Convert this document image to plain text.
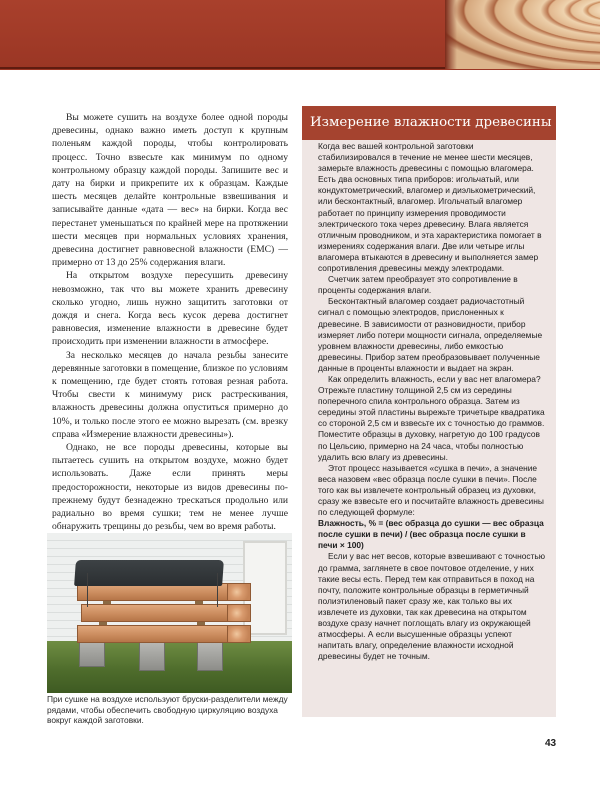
Вы можете сушить на воздухе более одной породы древесины, однако важно иметь доступ к крупным поленьям каждой породы, чтобы контролировать процесс. Точно взвесьте как минимум по одному контрольному образцу каждой породы. Запишите вес и дату на бирки и прикрепите их к образцам. Каждые шесть месяцев делайте контрольные взвешивания и записывайте данные «дата — вес» на бирки. Когда вес перестанет уменьшаться по крайней мере на протяжении шести месяцев при нормальных условиях хранения, древесина достигнет равновесной влажности (EMC) — примерно от 13 до 25% содержания влаги.

На открытом воздухе пересушить древесину невозможно, так что вы можете хранить древесину сколько угодно, лишь нужно защитить заготовки от дождя и снега. Когда весь кусок дерева достигнет равновесия, изменение влажности в древесине будет происходить при изменении влажности в атмосфере.

За несколько месяцев до начала резьбы занесите деревянные заготовки в помещение, близкое по условиям к помещению, где будет стоять готовая резная работа. Чтобы свести к минимуму риск растрескивания, влажность древесины должна опуститься примерно до 10%, и только после этого ее можно вырезать (см. врезку справа «Измерение влажности древесины»).

Однако, не все породы древесины, которые вы пытаетесь сушить на открытом воздухе, можно будет использовать. Даже если принять меры предосторожности, некоторые из видов древесины по-прежнему будут безнадежно трескаться продольно или радиально во время сушки; тем не менее лучше обнаружить трещины до резьбы, чем во время работы.

При сушке на воздухе используют бруски-разделители между рядами, чтобы обеспечить свободную циркуляцию воздуха вокруг каждой заготовки.
Измерение влажности древесины

Когда вес вашей контрольной заготовки стабилизировался в течение не менее шести месяцев, замерьте влажность древесины с помощью влагомера. Есть два основных типа приборов: игольчатый, или кондуктометрический, влагомер и диэлькометрический, или бесконтактный, влагомер. Игольчатый влагомер работает по принципу измерения проводимости электрического тока через древесину. Влага является отличным проводником, и эта характеристика помогает в измерениях содержания влаги. Две или четыре иглы влагомера втыкаются в древесину и выполняется замер сопротивления древесины между электродами.

Счетчик затем преобразует это сопротивление в проценты содержания влаги.

Бесконтактный влагомер создает радиочастотный сигнал с помощью электродов, прислоненных к древесине. В зависимости от разновидности, прибор измеряет либо потери мощности сигнала, определяемые уровнем влажности древесины, либо емкостью древесины. Прибор затем преобразовывает полученные данные в проценты влажности и выдает на экран.

Как определить влажность, если у вас нет влагомера? Отрежьте пластину толщиной 2,5 см из середины поперечного спила контрольного образца. Затем из середины этой пластины вырежьте тричетыре квадратика со стороной 2,5 см и взвесьте их с точностью до граммов. Поместите образцы в духовку, нагретую до 100 градусов по Цельсию, примерно на 24 часа, чтобы полностью удалить всю влагу из древесины.

Этот процесс называется «сушка в печи», а значение веса назовем «вес образца после сушки в печи». После того как вы извлечете контрольный образец из духовки, сразу же взвесьте его и посчитайте влажность древесины по следующей формуле:

Влажность, % = (вес образца до сушки — вес образца после сушки в печи) / (вес образца после сушки в печи × 100)

Если у вас нет весов, которые взвешивают с точностью до грамма, заглянете в свое почтовое отделение, у них такие весы есть. Перед тем как отправиться в поход на почту, положите контрольные образцы в герметичный полиэтиленовый пакет сразу же, как только вы их извлечете из духовки, так как древесина на открытом воздухе сразу начнет поглощать влагу из окружающей атмосферы. А если высушенные образцы успеют напитать влагу, определение влажности исходной древесины будет не точным.

43
